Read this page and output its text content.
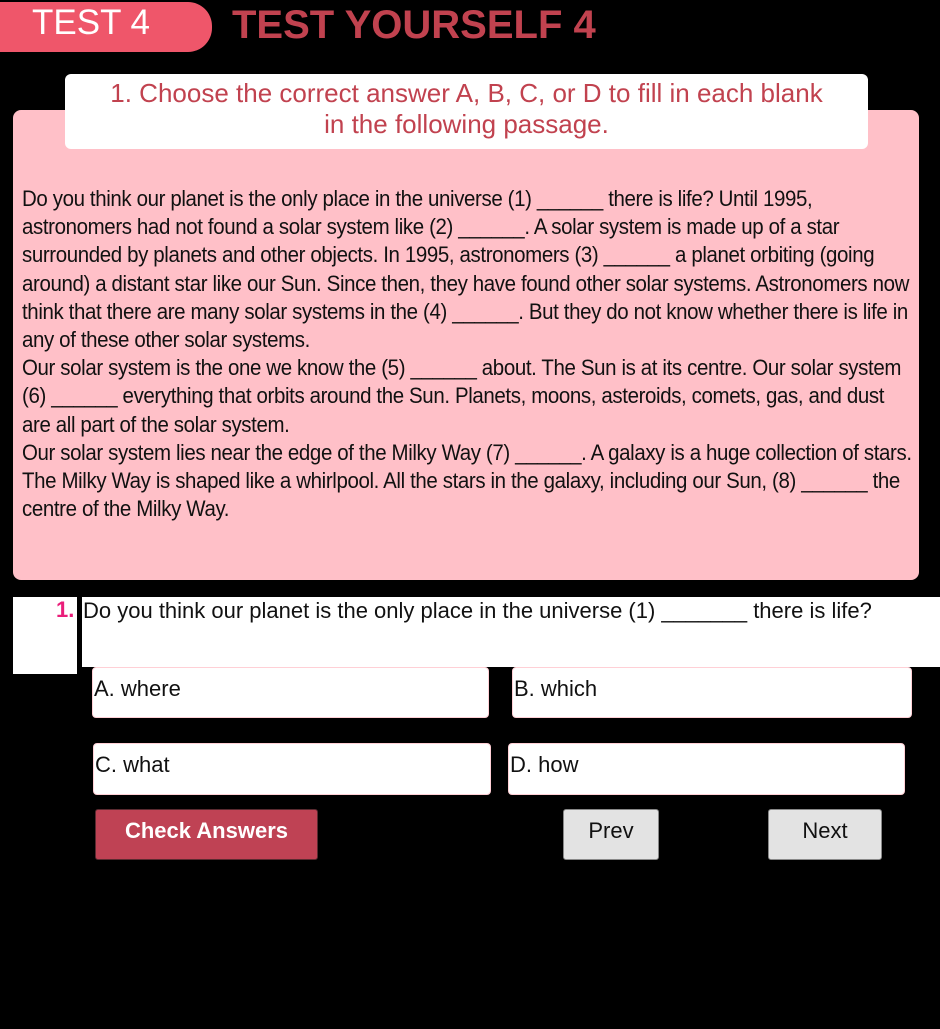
TEST 4	TEST YOURSELF 4
1. Choose the correct answer A, B, C, or D to fill in each blank
in the following passage.

Do you think our planet is the only place in the universe (1) ______ there is life? Until 1995, astronomers had not found a solar system like (2) ______. A solar system is made up of a star surrounded by planets and other objects. In 1995, astronomers (3) ______ a planet orbiting (going around) a distant star like our Sun. Since then, they have found other solar systems. Astronomers now think that there are many solar systems in the (4) ______. But they do not know whether there is life in any of these other solar systems.

Our solar system is the one we know the (5) ______ about. The Sun is at its centre. Our solar system (6) ______ everything that orbits around the Sun. Planets, moons, asteroids, comets, gas, and dust are all part of the solar system.

Our solar system lies near the edge of the Milky Way (7) ______. A galaxy is a huge collection of stars. The Milky Way is shaped like a whirlpool. All the stars in the galaxy, including our Sun, (8) ______ the centre of the Milky Way.

1. Do you think our planet is the only place in the universe (1) _______ there is life?
A. where	B. which
C. what	D. how
Check Answers	Prev	Next
